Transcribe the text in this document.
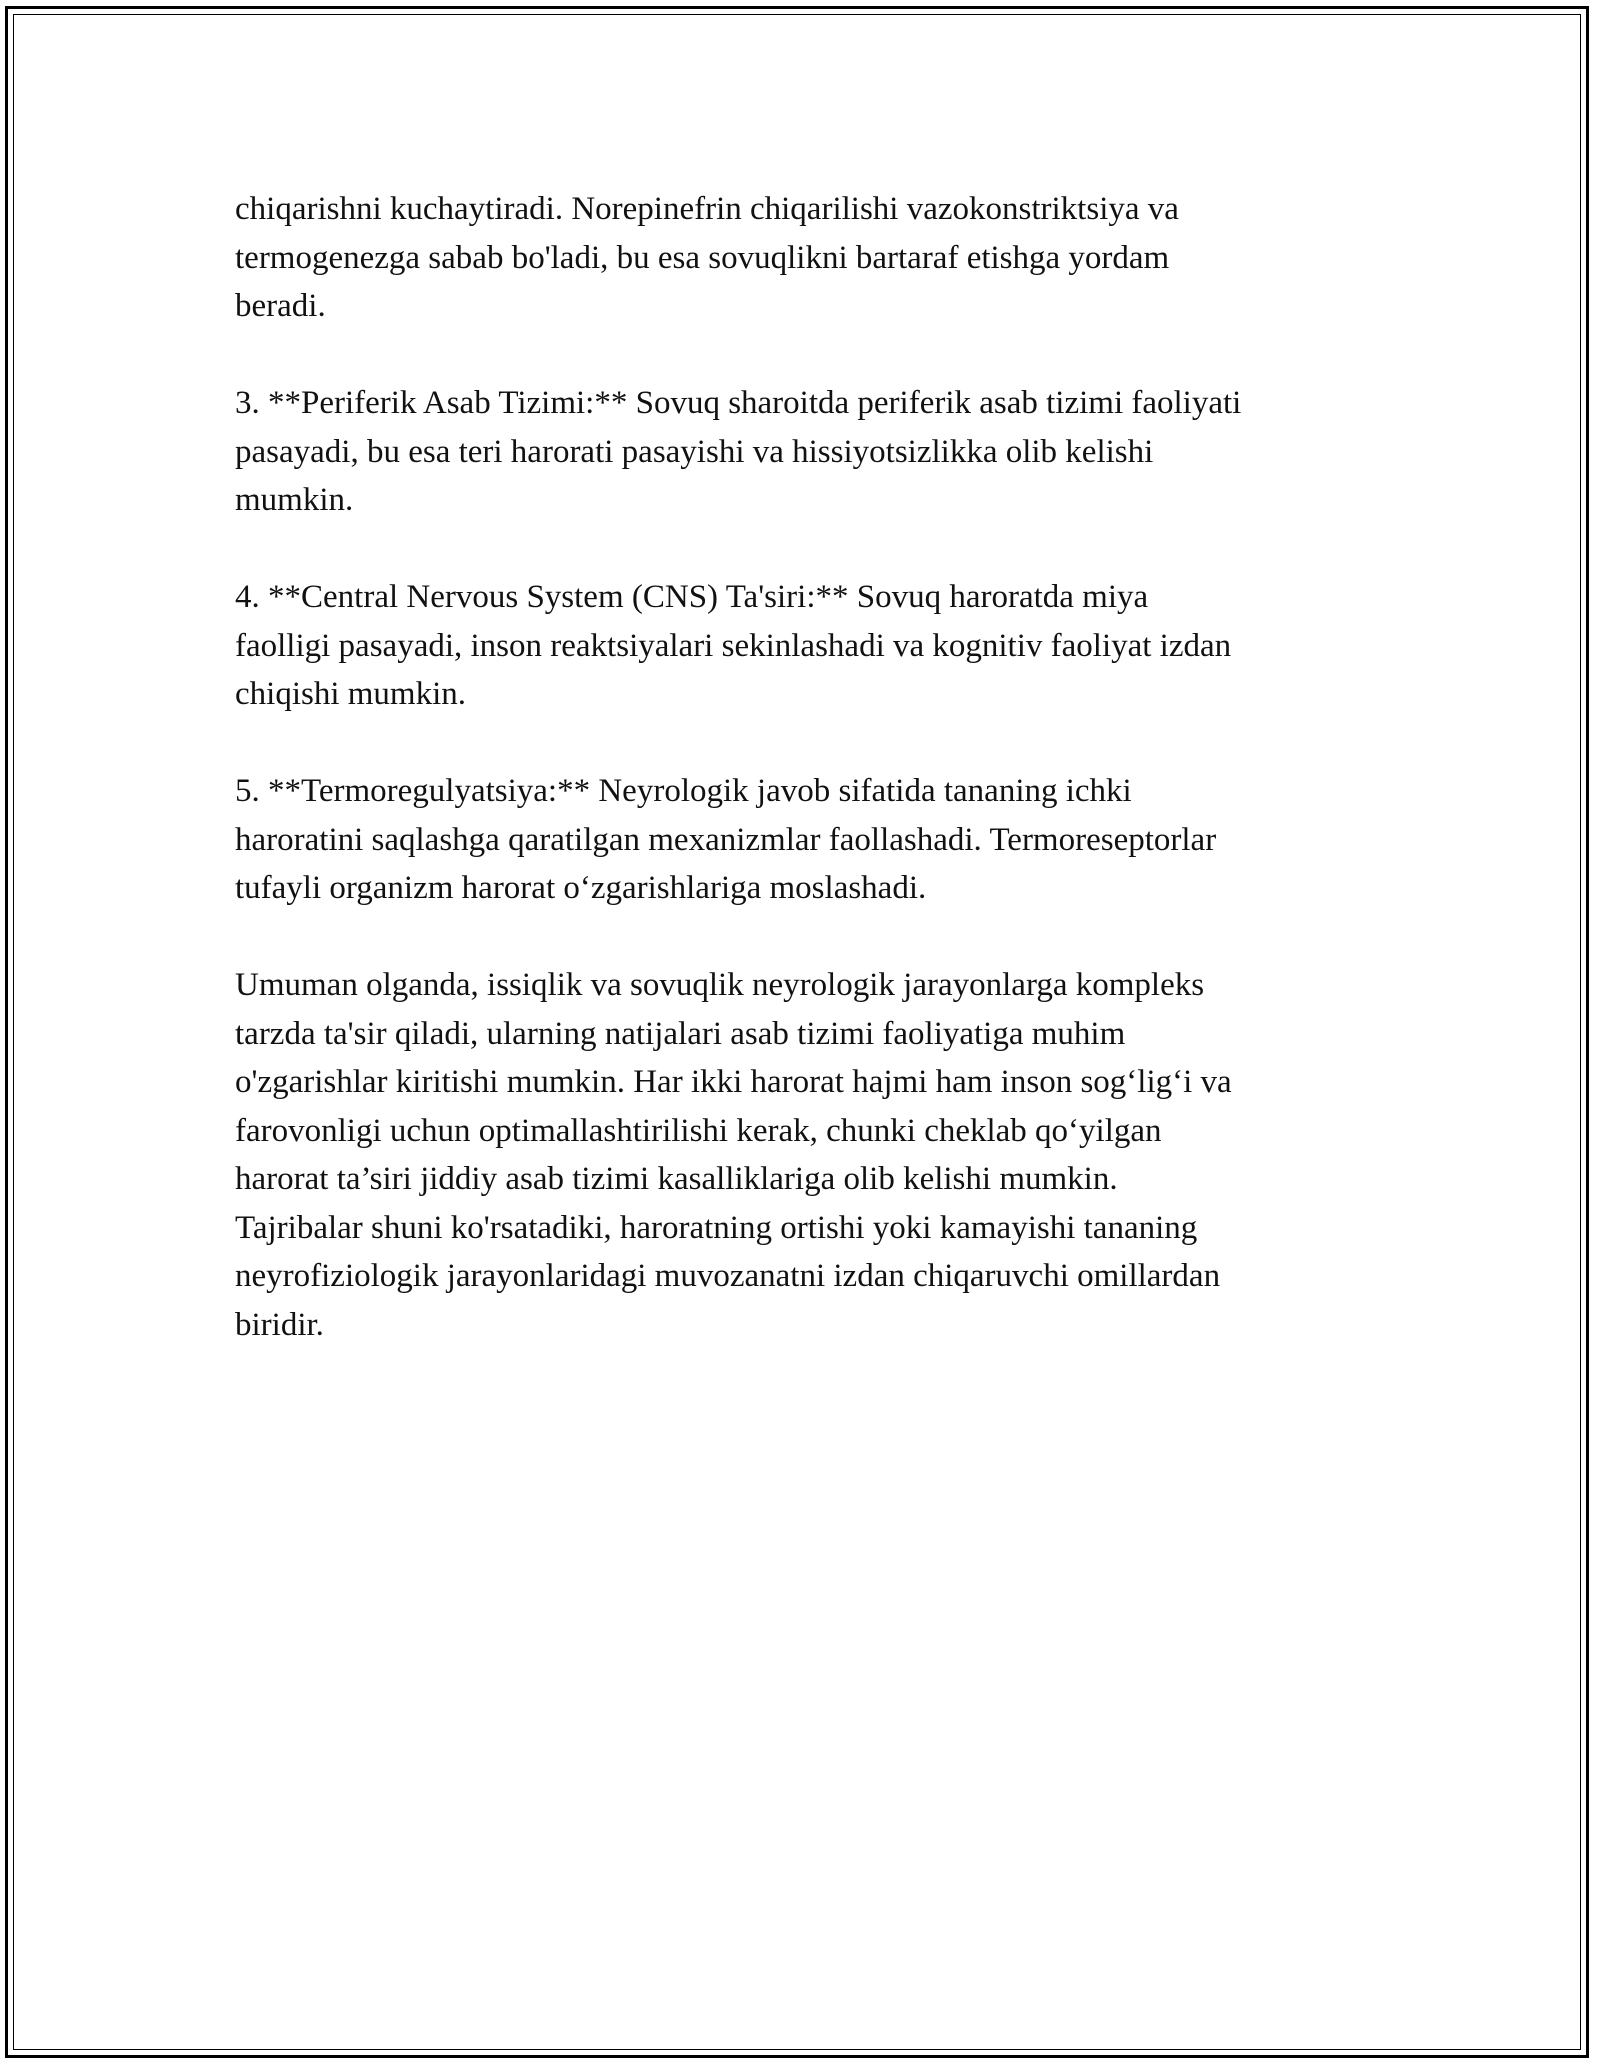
chiqarishni kuchaytiradi. Norepinefrin chiqarilishi vazokonstriktsiya va
termogenezga sabab bo'ladi, bu esa sovuqlikni bartaraf etishga yordam
beradi.

3. **Periferik Asab Tizimi:** Sovuq sharoitda periferik asab tizimi faoliyati
pasayadi, bu esa teri harorati pasayishi va hissiyotsizlikka olib kelishi
mumkin.

4. **Central Nervous System (CNS) Ta'siri:** Sovuq haroratda miya
faolligi pasayadi, inson reaktsiyalari sekinlashadi va kognitiv faoliyat izdan
chiqishi mumkin.

5. **Termoregulyatsiya:** Neyrologik javob sifatida tananing ichki
haroratini saqlashga qaratilgan mexanizmlar faollashadi. Termoreseptorlar
tufayli organizm harorat o‘zgarishlariga moslashadi.

Umuman olganda, issiqlik va sovuqlik neyrologik jarayonlarga kompleks
tarzda ta'sir qiladi, ularning natijalari asab tizimi faoliyatiga muhim
o'zgarishlar kiritishi mumkin. Har ikki harorat hajmi ham inson sog‘lig‘i va
farovonligi uchun optimallashtirilishi kerak, chunki cheklab qo‘yilgan
harorat ta’siri jiddiy asab tizimi kasalliklariga olib kelishi mumkin.
Tajribalar shuni ko'rsatadiki, haroratning ortishi yoki kamayishi tananing
neyrofiziologik jarayonlaridagi muvozanatni izdan chiqaruvchi omillardan
biridir.
